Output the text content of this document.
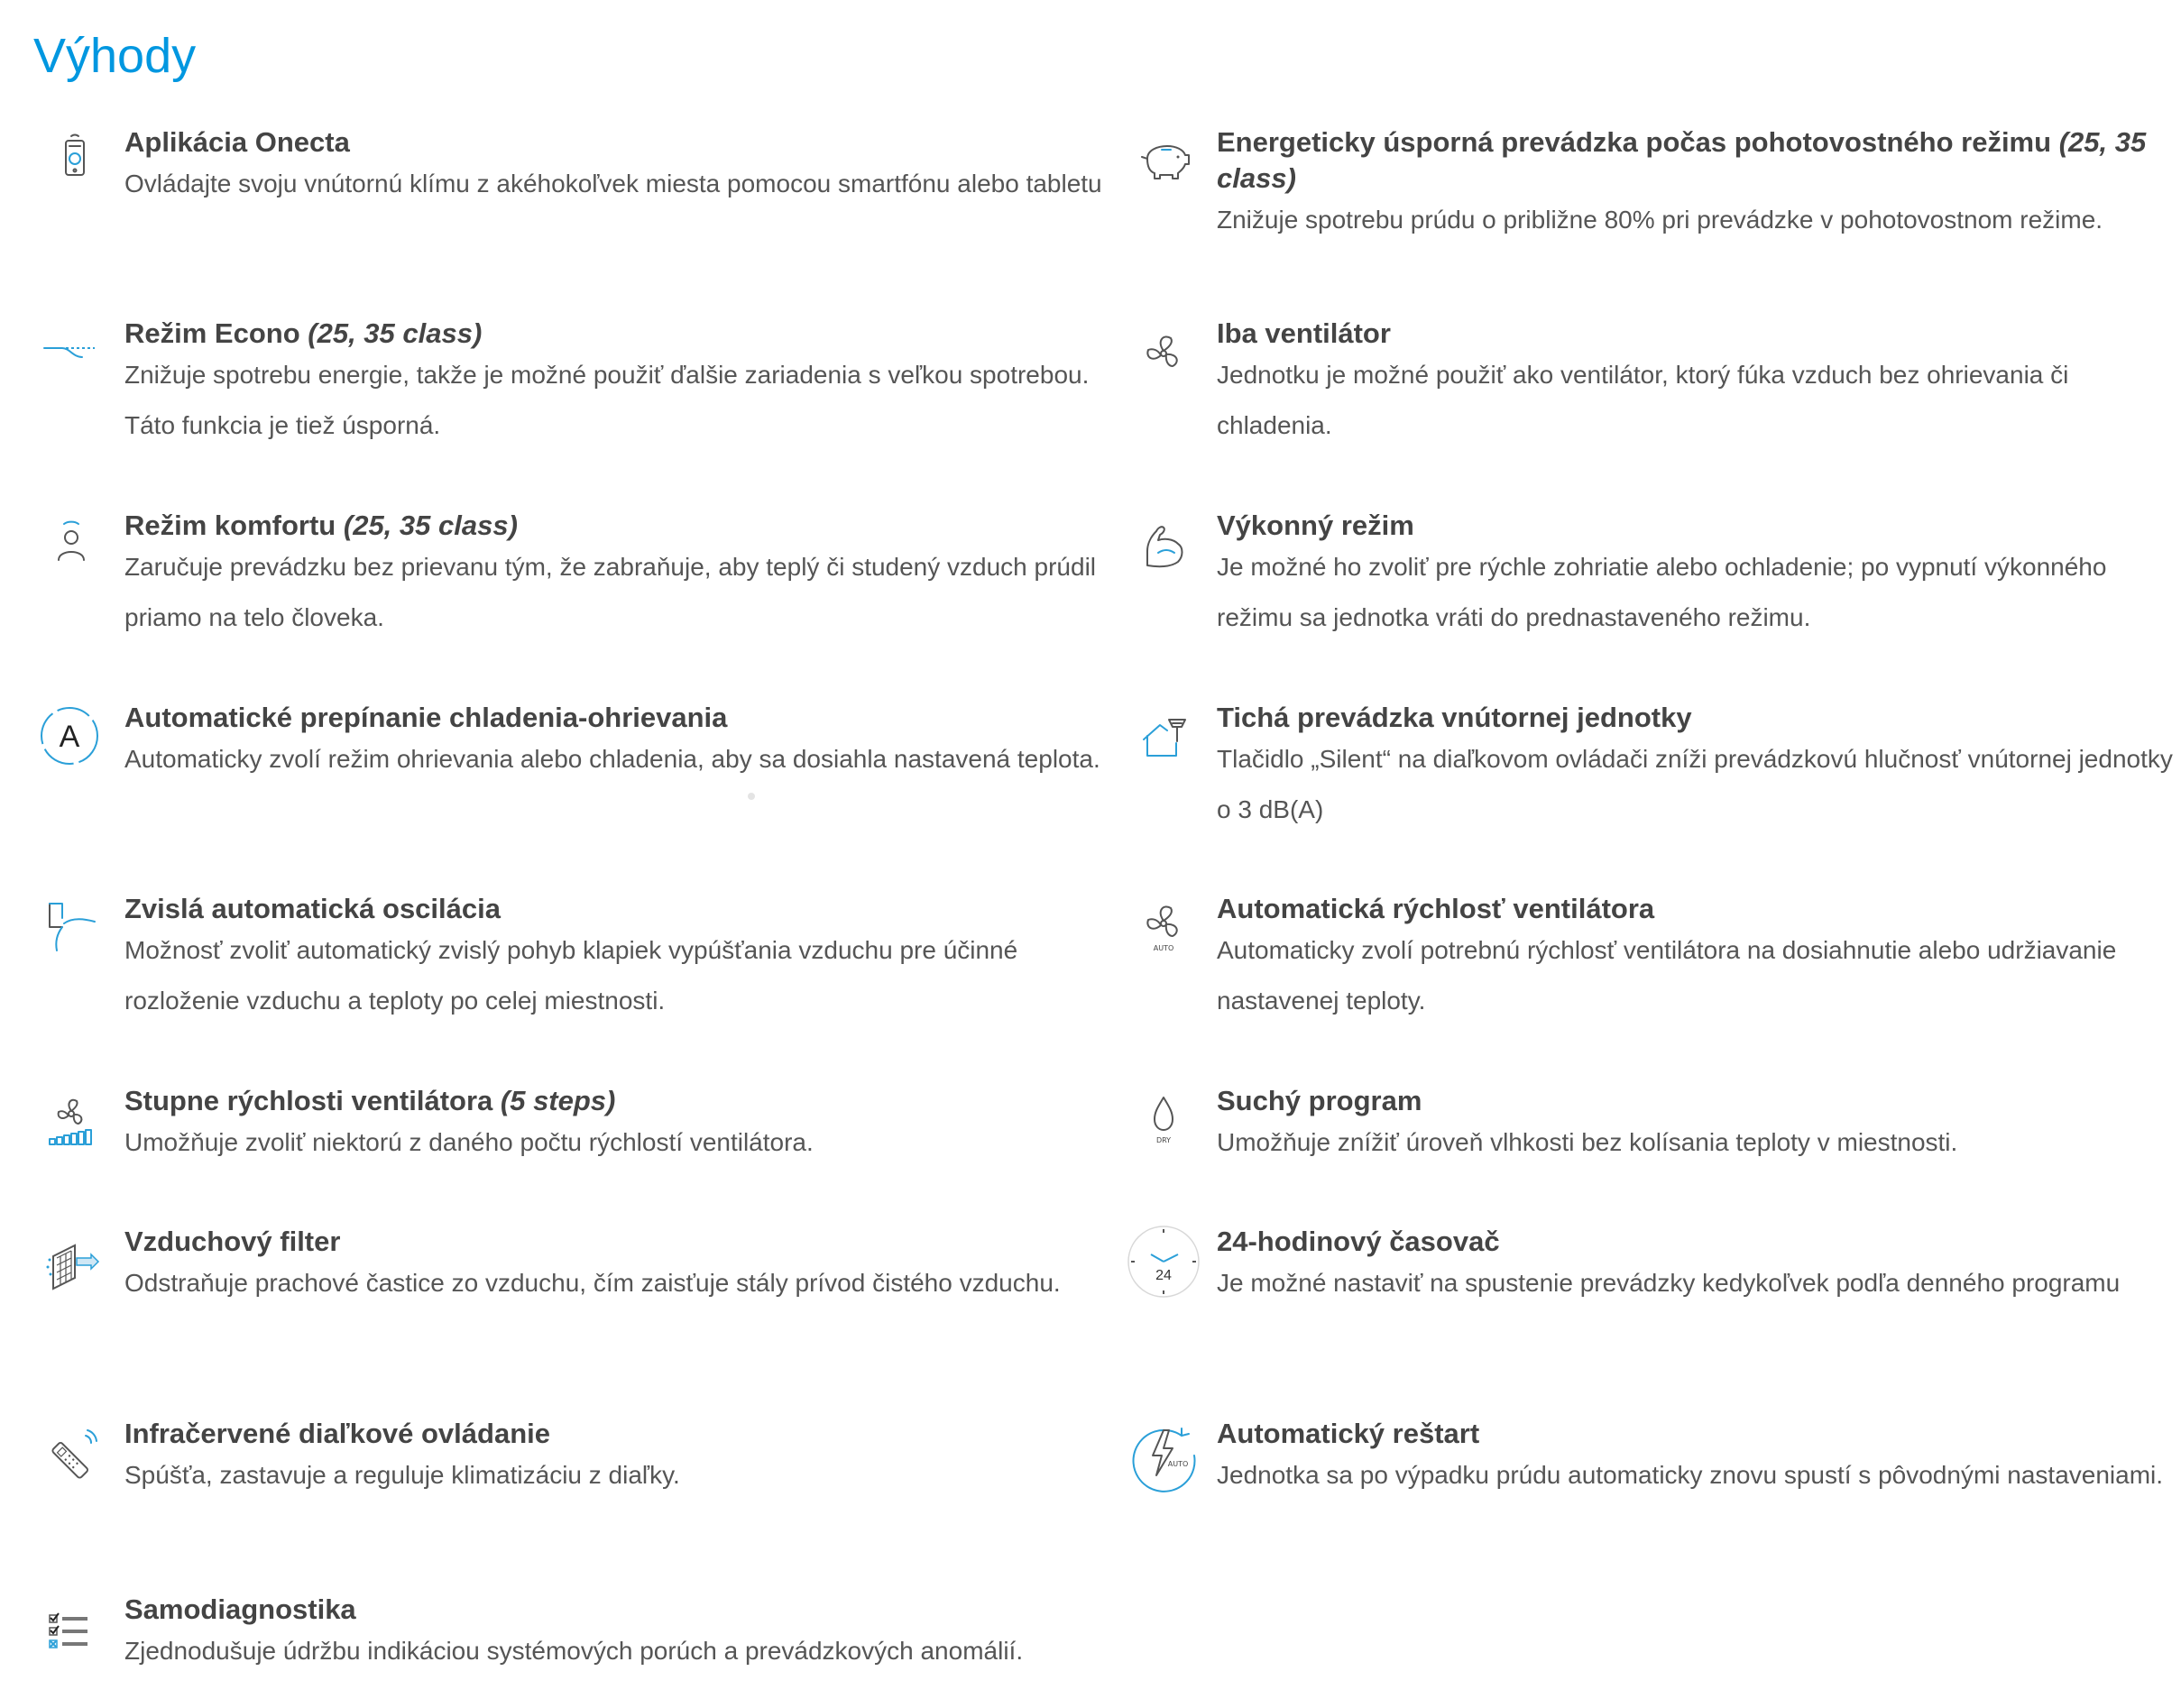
Výhody
Aplikácia Onecta

Ovládajte svoju vnútornú klímu z akéhokoľvek miesta pomocou smartfónu alebo tabletu

Režim Econo (25, 35 class)

Znižuje spotrebu energie, takže je možné použiť ďalšie zariadenia s veľkou spotrebou. Táto funkcia je tiež úsporná.

Režim komfortu (25, 35 class)

Zaručuje prevádzku bez prievanu tým, že zabraňuje, aby teplý či studený vzduch prúdil priamo na telo človeka.

A
Automatické prepínanie chladenia-ohrievania

Automaticky zvolí režim ohrievania alebo chladenia, aby sa dosiahla nastavená teplota.

Zvislá automatická oscilácia

Možnosť zvoliť automatický zvislý pohyb klapiek vypúšťania vzduchu pre účinné rozloženie vzduchu a teploty po celej miestnosti.

Stupne rýchlosti ventilátora (5 steps)

Umožňuje zvoliť niektorú z daného počtu rýchlostí ventilátora.

Vzduchový filter

Odstraňuje prachové častice zo vzduchu, čím zaisťuje stály prívod čistého vzduchu.

Infračervené diaľkové ovládanie

Spúšťa, zastavuje a reguluje klimatizáciu z diaľky.

Samodiagnostika

Zjednodušuje údržbu indikáciou systémových porúch a prevádzkových anomálií.

Energeticky úsporná prevádzka počas pohotovostného režimu (25, 35 class)

Znižuje spotrebu prúdu o približne 80% pri prevádzke v pohotovostnom režime.

Iba ventilátor

Jednotku je možné použiť ako ventilátor, ktorý fúka vzduch bez ohrievania či chladenia.

Výkonný režim

Je možné ho zvoliť pre rýchle zohriatie alebo ochladenie; po vypnutí výkonného režimu sa jednotka vráti do prednastaveného režimu.

Tichá prevádzka vnútornej jednotky

Tlačidlo „Silent“ na diaľkovom ovládači zníži prevádzkovú hlučnosť vnútornej jednotky o 3 dB(A)

AUTO
Automatická rýchlosť ventilátora

Automaticky zvolí potrebnú rýchlosť ventilátora na dosiahnutie alebo udržiavanie nastavenej teploty.

DRY
Suchý program

Umožňuje znížiť úroveň vlhkosti bez kolísania teploty v miestnosti.

24
24-hodinový časovač

Je možné nastaviť na spustenie prevádzky kedykoľvek podľa denného programu

AUTO
Automatický reštart

Jednotka sa po výpadku prúdu automaticky znovu spustí s pôvodnými nastaveniami.
